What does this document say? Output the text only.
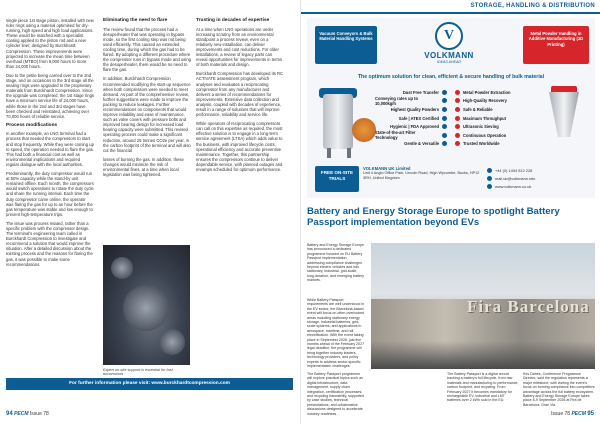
single piece 1st stage piston, installed with new rider rings using a material optimised for dry-running, high speed and high load applications. These would be matched with a specialist coating applied to the piston rod and a new cylinder liner, designed by Burckhardt Compression. These improvements were projected to increase the mean time between overhaul (MTBO) from 8,000 hours to more than 24,000 hours.

Due to the petite being carried over to the 2nd stage, and on occasions to the 3rd stage all the sealing rings were upgraded to the proprietary materials from Burckhardt Compression. Since the upgrade was completed, the 1st stage rings have a minimum service life of 24,000 hours, while those in the 2nd and 3rd stages have been checked and reinstated, achieving over 70,000 hours of reliable service.

Process modifications

In another example, an LNG terminal had a process that needed the compressors to start and stop frequently. While they were coming up to speed, the operation needed to flare the gas. This had both a financial cost as well as environmental implications and required regular dialogue with the local authorities.

Predominantly, the duty compressor would run at 50% capacity while the stand-by unit remained offline. Each month, the compressors would switch operations to rotate the duty cycle and share the running interval. Each time the duty compressor came online, the operator was flaring the gas for up to an hour before the gas temperature was stable and low enough to prevent high-temperature trips.

The issue was process related, rather than a specific problem with the compressor design. The terminal's engineering team called in Burckhardt Compression to investigate and recommend a solution that would improve the situation. After a detailed discussion about the existing process and the reasons for flaring the gas, it was possible to make some recommendations.

Eliminating the need to flare

The review found that the process had a desuperheater that was operating in bypass mode, so the first cooling step was not being used efficiently. This caused an extended cooling time, during which the gas had to be flared. By adopting a different procedure where the compressor runs in bypass mode and using the desuperheater, there would be no need to flare the gas.

In addition, Burckhardt Compression recommended modifying the start-up sequence when both compressors were needed to meet demand. As part of the comprehensive review, further suggestions were made to improve the packing to reduce leakages. Further recommendations on components that would improve reliability and ease of maintenance, such as valve covers with pressure bolts and improved bearing design for increased load bearing capacity were submitted. This revised operating process could make a significant reduction, around 25 tonnes CO2e per year, in the carbon footprint of the terminal and will also cut the financial

losses of burning the gas. In addition, these changes would minimize the risk of environmental fines, at a time when local legislation was being tightened.

Expert on-site support is essential for fast turnarounds
Trusting in decades of expertise

At a time when LNG operations are under increasing scrutiny from an environmental standpoint a process review, even on a relatively new installation, can deliver improvements and cost reductions. For older installations, a review of legacy parts can reveal opportunities for improvements in terms of both materials and design.

Burckhardt Compression has developed its RC ACTIVATE assessment program, which analyses and evaluates a reciprocating compressor from any manufacturer and delivers a series of recommendations for improvements. Extensive data collection and analysis, coupled with decades of experience, result in a range of solutions that will improve performance, reliability and service life.

While operators of reciprocating compressors can call on this expertise as required, the most effective solution is to engage in a long-term service agreement (LTSA) which adds value to the business, with improved lifecycle costs, operational efficiency and accurate preventive maintenance. Together, this partnership ensures the compressors continue to deliver dependable service, with planned outages and revamps scheduled for optimum performance.

For further information please visit: www.burckhardtcompression.com
94 PECM Issue 78
STORAGE, HANDLING & DISTRIBUTION
Vacuum Conveyors & Bulk Material Handling Systems	V
VOLKMANN
IDEAS AHEAD
Metal Powder Handling in Additive Manufacturing (3D Printing)
The optimum solution for clean, efficient & secure handling of bulk material
Dust Free Transfer
Conveying rates up to 10,000kg/h
Highest Quality Powders
Safe | ATEX Certified
Hygienic | FDA Approved
State-of-the-art Filter Technology
Gentle & Versatile
Metal Powder Extraction
High-Quality Recovery
Safe & Reliable
Maximum Throughput
Ultrasonic Sieving
Continuous Operation
Trusted Worldwide
FREE ON-SITE TRIALS
VOLKMANN UK Limited
Unit 4 Anglo Office Park, Lincoln Road, High Wycombe, Bucks, HP12 3RH, United Kingdom
+44 (0) 1494 512 228
mail.uk@volkmann.info
www.volkmann.co.uk
Battery and Energy Storage Europe to spotlight Battery Passport implementation beyond EVs

Battery and Energy Storage Europe has announced a dedicated programme focused on EU Battery Passport implementation, addressing compliance challenges beyond electric vehicles and into stationary, industrial, grid-scale, long-duration, and emerging battery markets.

While Battery Passport requirements are well understood in the EV sector, the Barcelona-based event will focus on often-overlooked areas including stationary energy storage, industrial batteries, grid-scale systems, and applications in aerospace, maritime, and rail electrification. With the event taking place in September 2026, just five months ahead of the February 2027 legal deadline, the programme will bring together industry leaders, technology providers, and policy experts to address sector-specific implementation challenges.

The Battery Passport programme will explore practical topics such as digital infrastructure, data management, supply chain integration, certification processes, and recycling traceability, supported by case studies, technical presentations, and collaborative discussions designed to accelerate industry readiness.

Fira Barcelona

The Battery Passport is a digital record tracking a battery's full lifecycle, from raw materials and manufacturing to performance, carbon footprint, and recycling. From February 2027 it becomes mandatory for rechargeable EV, industrial and LMT batteries over 2 kWh sold in the EU.

Kes Danes, Conference Programme Director, said the regulation represents a major milestone, with visiting the event's focus on forming compliance into competitive advantage across the full battery ecosystem.

Battery and Energy Storage Europe takes place 8-9 September 2026 at Fira de Barcelona, Gran Via.

Issue 78 PECM 95
